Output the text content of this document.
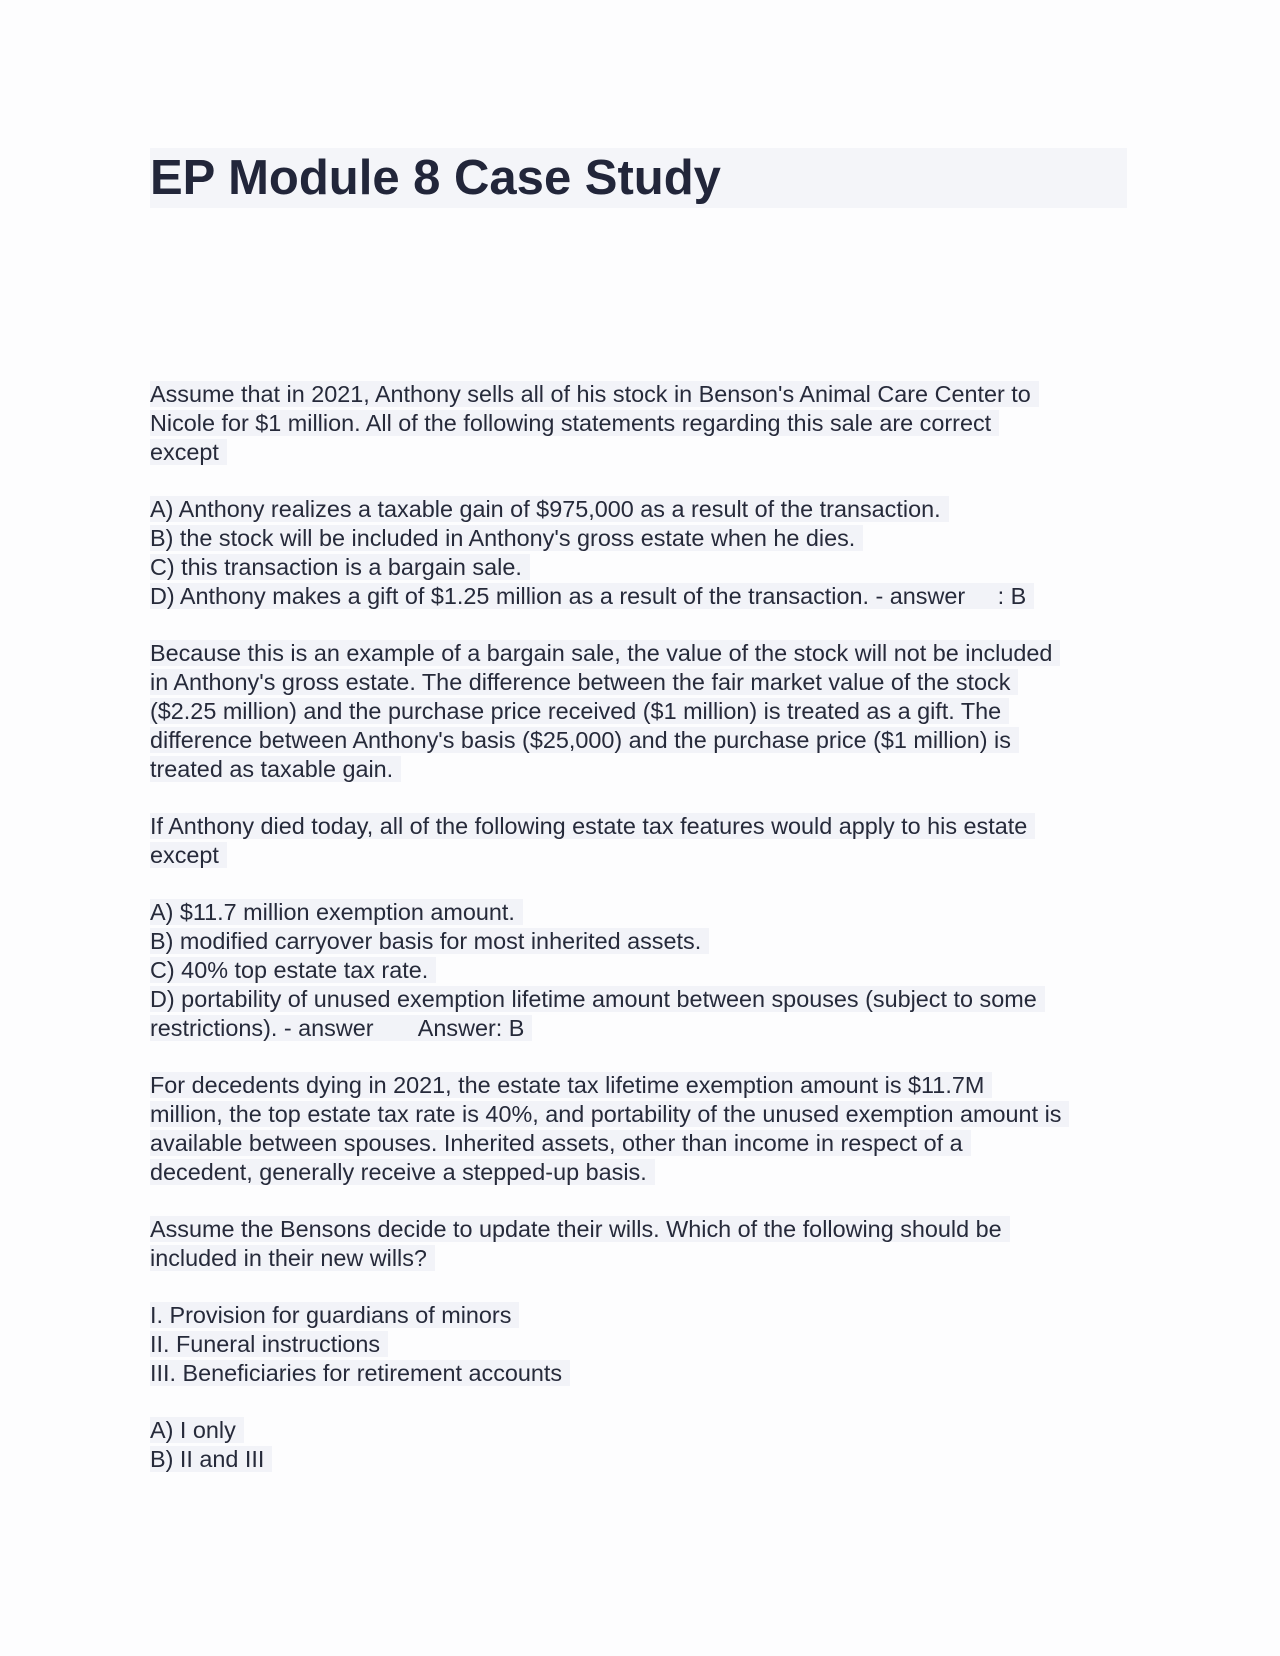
EP Module 8 Case Study
Assume that in 2021, Anthony sells all of his stock in Benson's Animal Care Center to
Nicole for $1 million. All of the following statements regarding this sale are correct
except
A) Anthony realizes a taxable gain of $975,000 as a result of the transaction.
B) the stock will be included in Anthony's gross estate when he dies.
C) this transaction is a bargain sale.
D) Anthony makes a gift of $1.25 million as a result of the transaction. - answer     : B
Because this is an example of a bargain sale, the value of the stock will not be included
in Anthony's gross estate. The difference between the fair market value of the stock
($2.25 million) and the purchase price received ($1 million) is treated as a gift. The
difference between Anthony's basis ($25,000) and the purchase price ($1 million) is
treated as taxable gain.
If Anthony died today, all of the following estate tax features would apply to his estate
except
A) $11.7 million exemption amount.
B) modified carryover basis for most inherited assets.
C) 40% top estate tax rate.
D) portability of unused exemption lifetime amount between spouses (subject to some
restrictions). - answer       Answer: B
For decedents dying in 2021, the estate tax lifetime exemption amount is $11.7M
million, the top estate tax rate is 40%, and portability of the unused exemption amount is
available between spouses. Inherited assets, other than income in respect of a
decedent, generally receive a stepped-up basis.
Assume the Bensons decide to update their wills. Which of the following should be
included in their new wills?
I. Provision for guardians of minors
II. Funeral instructions
III. Beneficiaries for retirement accounts
A) I only
B) II and III
